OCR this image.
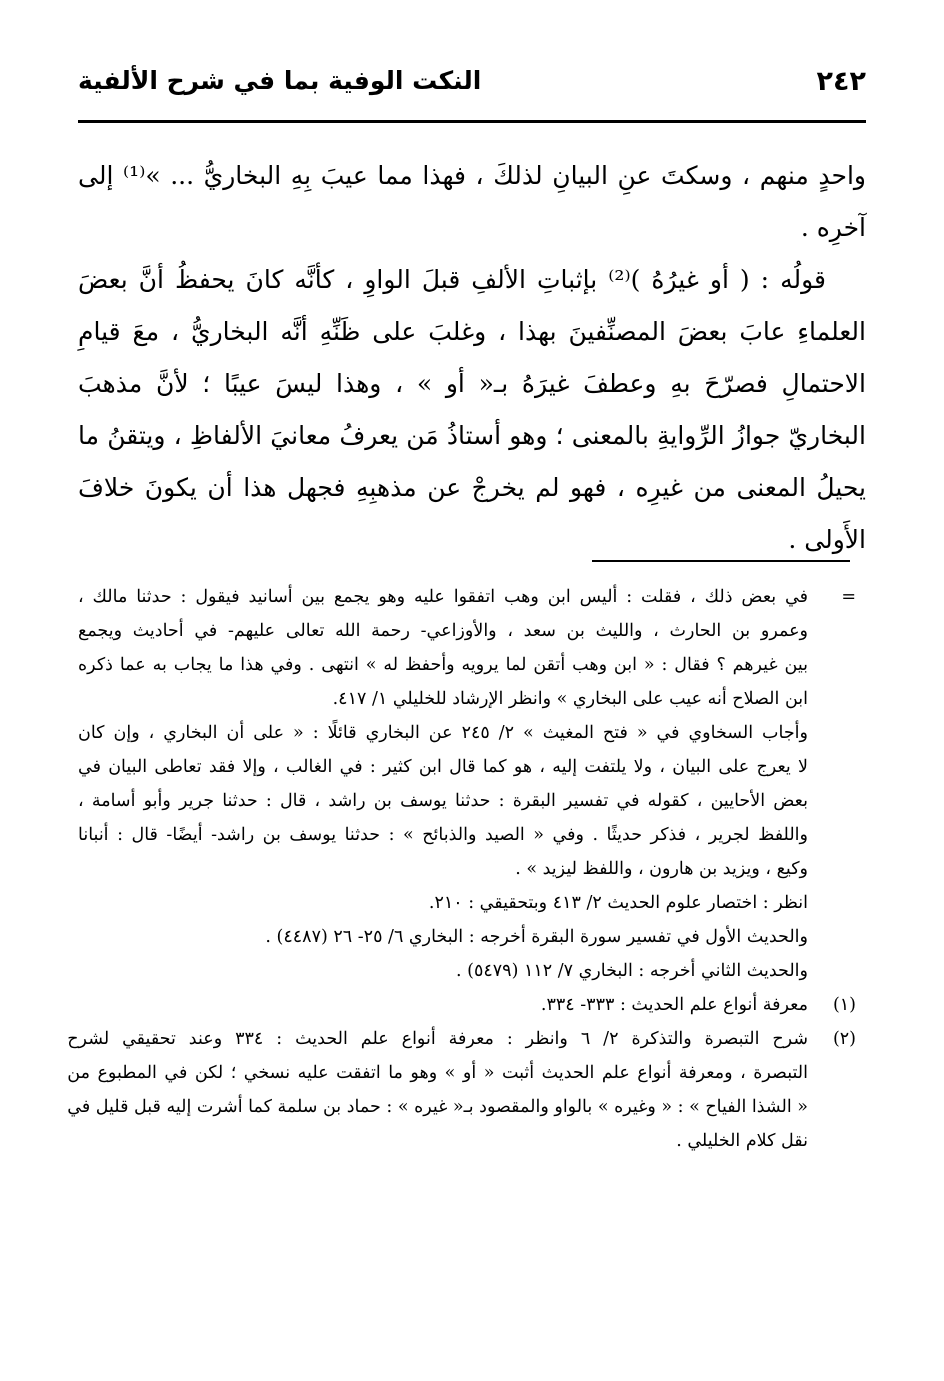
٢٤٢
النكت الوفية بما في شرح الألفية

واحدٍ منهم ، وسكتَ عنِ البيانِ لذلكَ ، فهذا مما عيبَ بِهِ البخاريُّ ... »⁽¹⁾ إلى آخرِه .

قولُه : ( أو غيرُهُ )⁽²⁾ بإثباتِ الألفِ قبلَ الواوِ ، كأنَّه كانَ يحفظُ أنَّ بعضَ العلماءِ عابَ بعضَ المصنِّفينَ بهذا ، وغلبَ على ظَنِّهِ أنَّه البخاريُّ ، معَ قيامِ الاحتمالِ فصرّحَ بهِ وعطفَ غيرَهُ بـ« أو » ، وهذا ليسَ عيبًا ؛ لأنَّ مذهبَ البخاريّ جوازُ الرِّوايةِ بالمعنى ؛ وهو أستاذُ مَن يعرفُ معانيَ الألفاظِ ، ويتقنُ ما يحيلُ المعنى من غيرِه ، فهو لم يخرجْ عن مذهبِهِ فجهل هذا أن يكونَ خلافَ الأَولى .

=
في بعض ذلك ، فقلت : أليس ابن وهب اتفقوا عليه وهو يجمع بين أسانيد فيقول : حدثنا مالك ،
وعمرو بن الحارث ، والليث بن سعد ، والأوزاعي- رحمة الله تعالى عليهم- في أحاديث ويجمع
بين غيرهم ؟ فقال : « ابن وهب أتقن لما يرويه وأحفظ له » انتهى . وفي هذا ما يجاب به عما ذكره
ابن الصلاح أنه عيب على البخاري » وانظر الإرشاد للخليلي ١/ ٤١٧.
وأجاب السخاوي في « فتح المغيث » ٢/ ٢٤٥ عن البخاري قائلًا : « على أن البخاري ، وإن كان
لا يعرج على البيان ، ولا يلتفت إليه ، هو كما قال ابن كثير : في الغالب ، وإلا فقد تعاطى البيان في
بعض الأحايين ، كقوله في تفسير البقرة : حدثنا يوسف بن راشد ، قال : حدثنا جرير وأبو أسامة ،
واللفظ لجرير ، فذكر حديثًا . وفي « الصيد والذبائح » : حدثنا يوسف بن راشد- أيضًا- قال : أنبانا
وكيع ، ويزيد بن هارون ، واللفظ ليزيد » .
انظر : اختصار علوم الحديث ٢/ ٤١٣ وبتحقيقي : ٢١٠.
والحديث الأول في تفسير سورة البقرة أخرجه : البخاري ٦/ ٢٥- ٢٦ (٤٤٨٧) .
والحديث الثاني أخرجه : البخاري ٧/ ١١٢ (٥٤٧٩) .
(١)
معرفة أنواع علم الحديث : ٣٣٣- ٣٣٤.
(٢)
شرح التبصرة والتذكرة ٢/ ٦ وانظر : معرفة أنواع علم الحديث : ٣٣٤ وعند تحقيقي لشرح
التبصرة ، ومعرفة أنواع علم الحديث أثبت « أو » وهو ما اتفقت عليه نسخي ؛ لكن في المطبوع من
« الشذا الفياح » : « وغيره » بالواو والمقصود بـ« غيره » : حماد بن سلمة كما أشرت إليه قبل قليل في
نقل كلام الخليلي .
